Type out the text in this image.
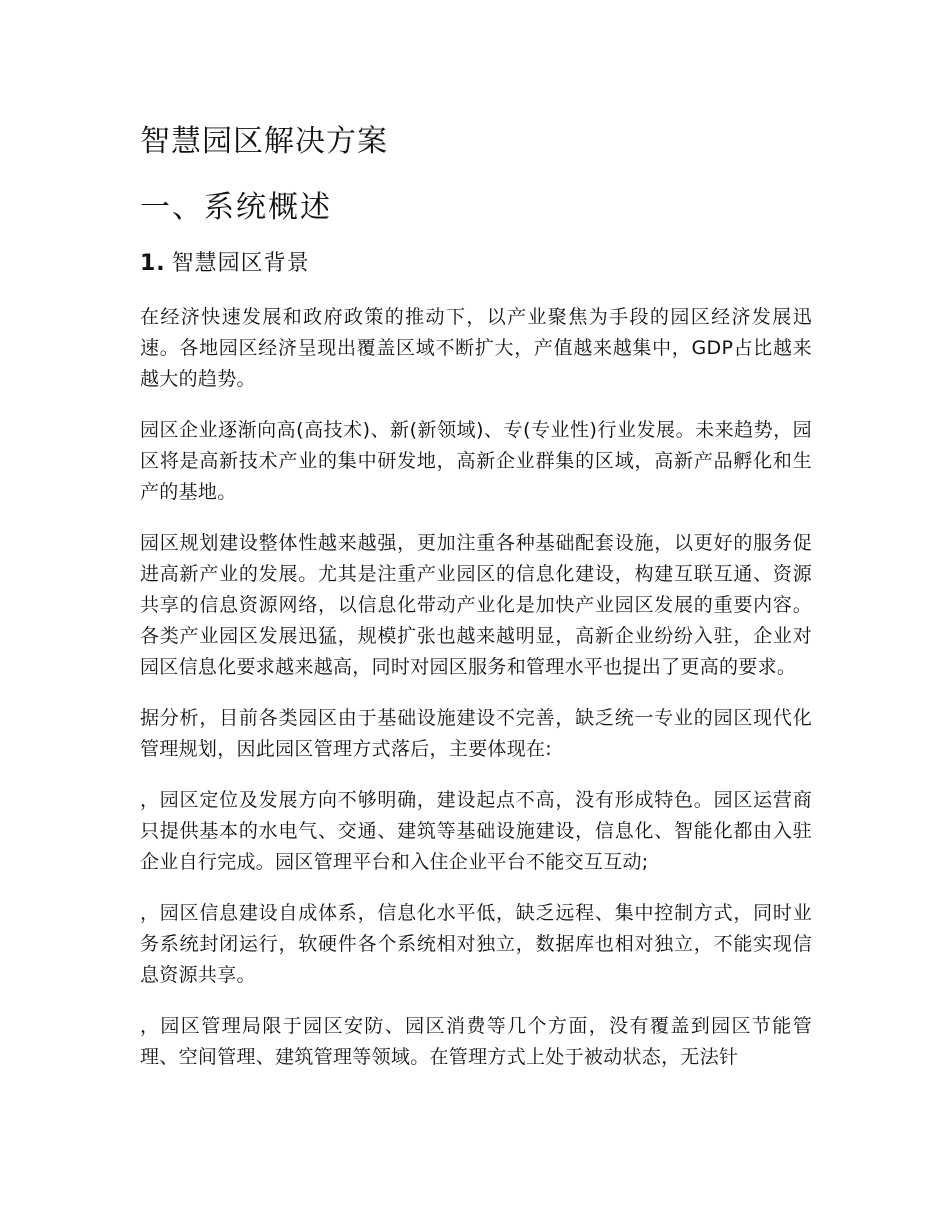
智慧园区解决方案
一、系统概述
1. 智慧园区背景

在经济快速发展和政府政策的推动下，以产业聚焦为手段的园区经济发展迅速。各地园区经济呈现出覆盖区域不断扩大，产值越来越集中，GDP占比越来越大的趋势。

园区企业逐渐向高(高技术)、新(新领域)、专(专业性)行业发展。未来趋势，园区将是高新技术产业的集中研发地，高新企业群集的区域，高新产品孵化和生产的基地。

园区规划建设整体性越来越强，更加注重各种基础配套设施，以更好的服务促进高新产业的发展。尤其是注重产业园区的信息化建设，构建互联互通、资源共享的信息资源网络，以信息化带动产业化是加快产业园区发展的重要内容。 各类产业园区发展迅猛，规模扩张也越来越明显，高新企业纷纷入驻，企业对园区信息化要求越来越高，同时对园区服务和管理水平也提出了更高的要求。

据分析，目前各类园区由于基础设施建设不完善，缺乏统一专业的园区现代化管理规划，因此园区管理方式落后，主要体现在:

，园区定位及发展方向不够明确，建设起点不高，没有形成特色。园区运营商只提供基本的水电气、交通、建筑等基础设施建设，信息化、智能化都由入驻企业自行完成。园区管理平台和入住企业平台不能交互互动;

，园区信息建设自成体系，信息化水平低，缺乏远程、集中控制方式，同时业务系统封闭运行，软硬件各个系统相对独立，数据库也相对独立，不能实现信息资源共享。

，园区管理局限于园区安防、园区消费等几个方面，没有覆盖到园区节能管理、空间管理、建筑管理等领域。在管理方式上处于被动状态，无法针
